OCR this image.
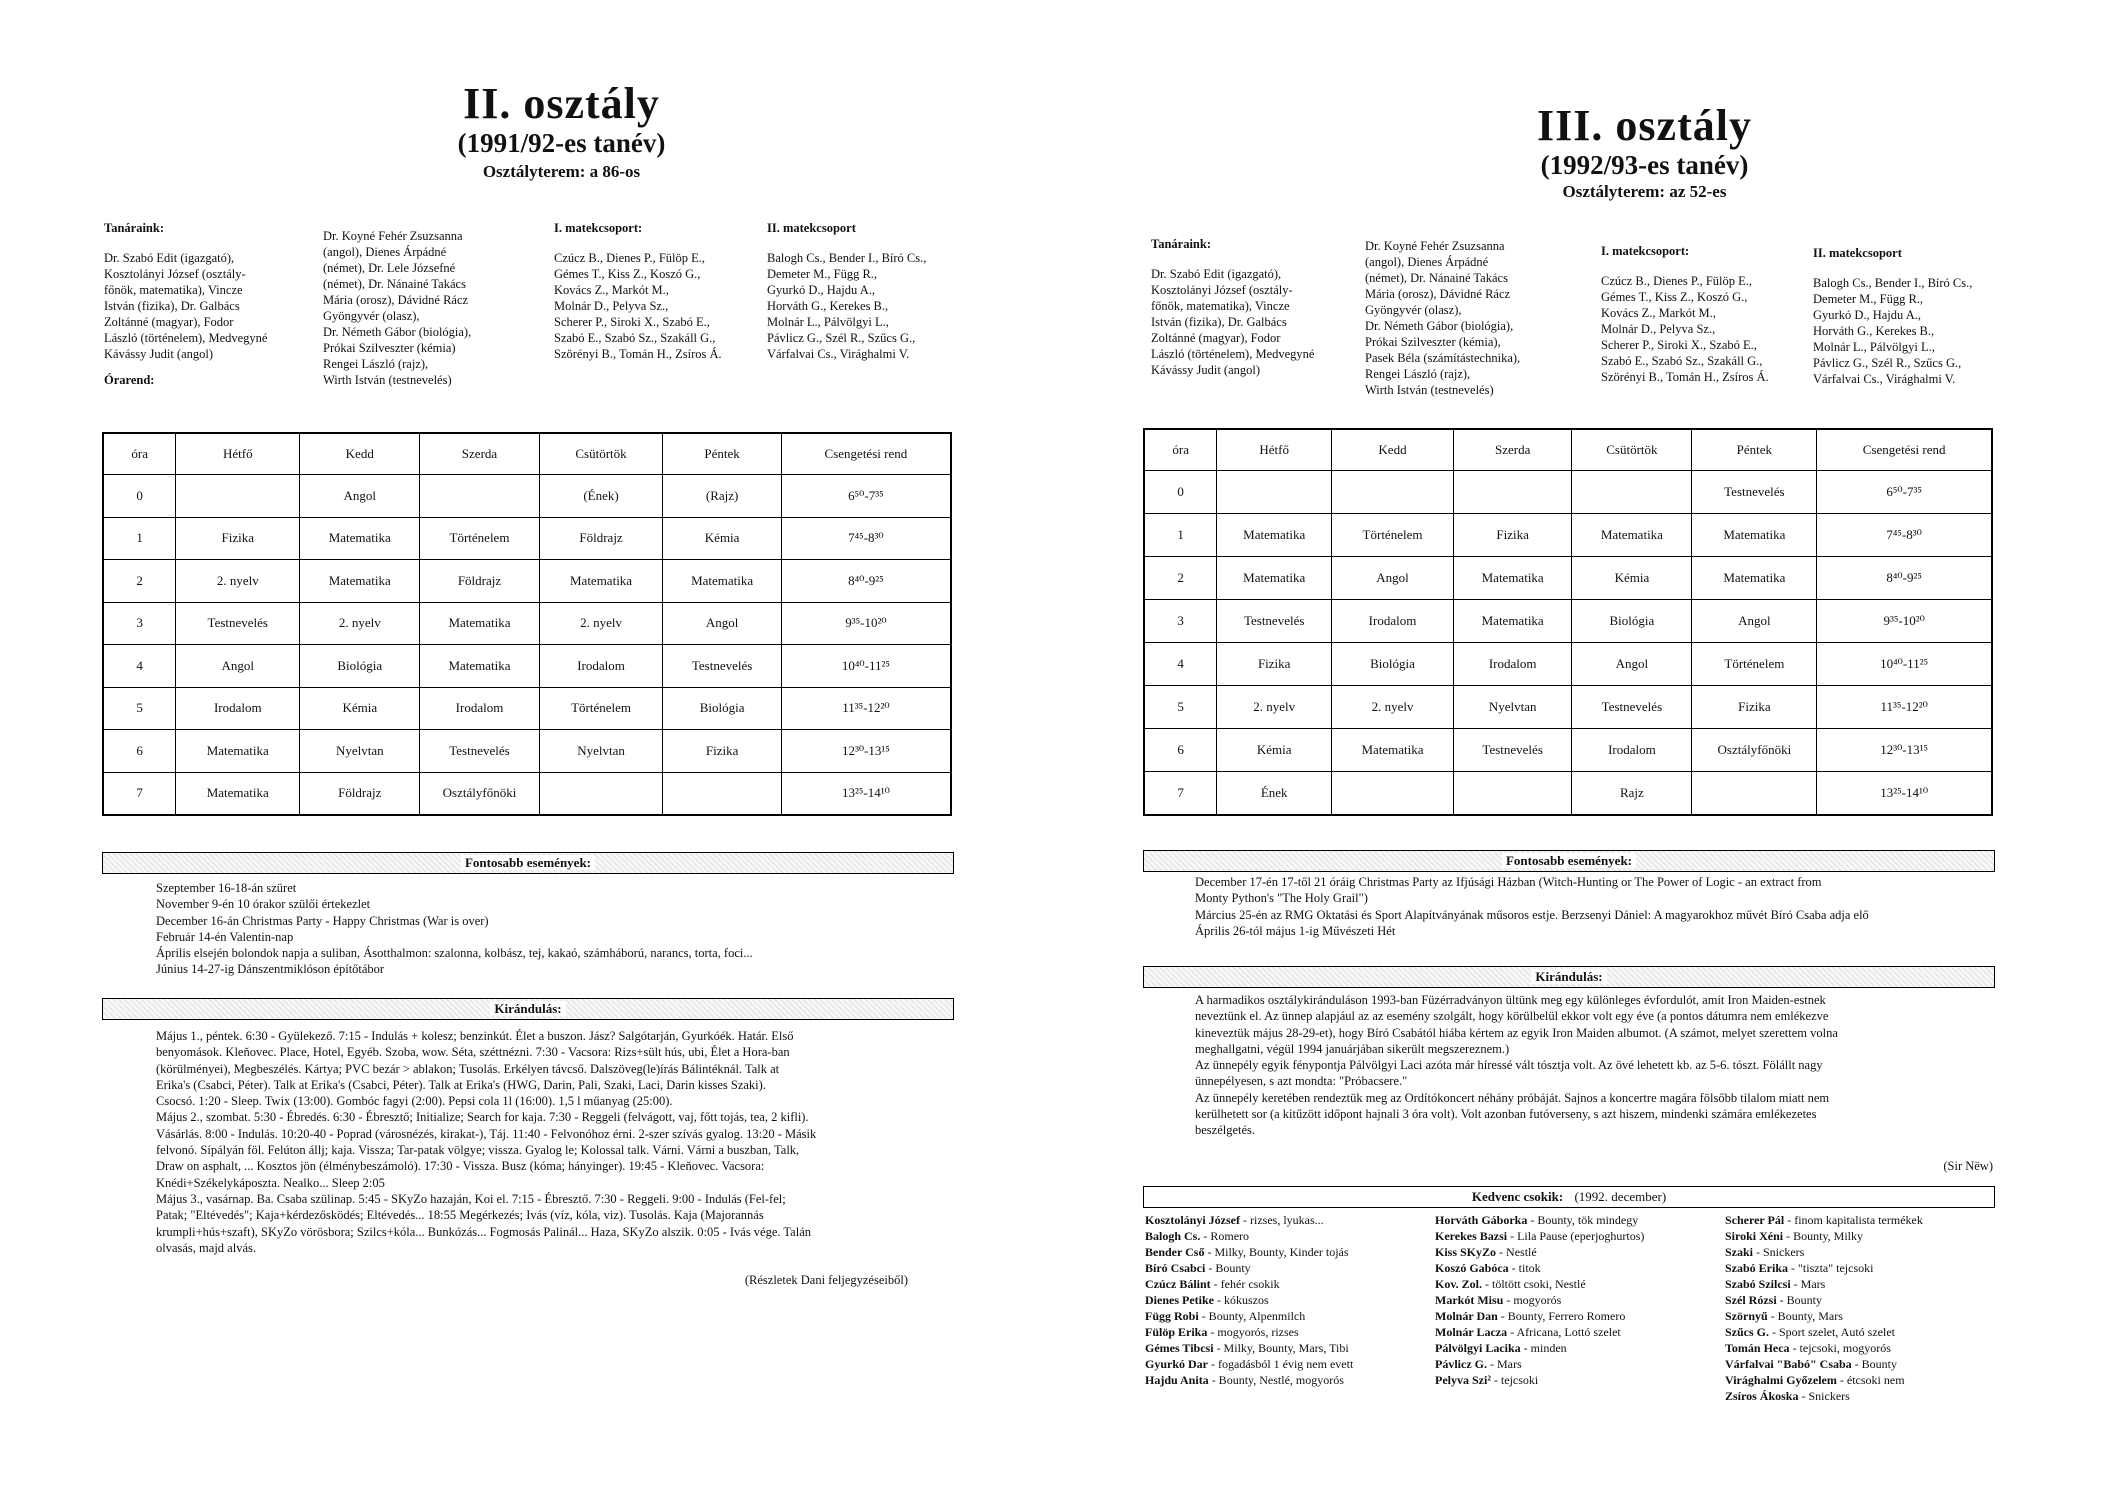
II. osztály
(1991/92-es tanév)
Osztályterem: a 86-os
Tanáraink:
Dr. Szabó Edit (igazgató),
Kosztolányi József (osztály-
főnök, matematika), Vincze
István (fizika), Dr. Galbács
Zoltánné (magyar), Fodor
László (történelem), Medvegyné
Kávássy Judit (angol)
Órarend:
Dr. Koyné Fehér Zsuzsanna
(angol), Dienes Árpádné
(német), Dr. Lele Józsefné
(német), Dr. Nánainé Takács
Mária (orosz), Dávidné Rácz
Gyöngyvér (olasz),
Dr. Németh Gábor (biológia),
Prókai Szilveszter (kémia)
Rengei László (rajz),
Wirth István (testnevelés)
I. matekcsoport:
Czúcz B., Dienes P., Fülöp E.,
Gémes T., Kiss Z., Koszó G.,
Kovács Z., Markót M.,
Molnár D., Pelyva Sz.,
Scherer P., Siroki X., Szabó E.,
Szabó E., Szabó Sz., Szakáll G.,
Szörényi B., Tomán H., Zsíros Á.
II. matekcsoport
Balogh Cs., Bender I., Bíró Cs.,
Demeter M., Függ R.,
Gyurkó D., Hajdu A.,
Horváth G., Kerekes B.,
Molnár L., Pálvölgyi L.,
Pávlicz G., Szél R., Szűcs G.,
Várfalvai Cs., Virághalmi V.
óra	Hétfő	Kedd	Szerda	Csütörtök	Péntek	Csengetési rend
0		Angol		(Ének)	(Rajz)	6⁵⁰-7³⁵
1	Fizika	Matematika	Történelem	Földrajz	Kémia	7⁴⁵-8³⁰
2	2. nyelv	Matematika	Földrajz	Matematika	Matematika	8⁴⁰-9²⁵
3	Testnevelés	2. nyelv	Matematika	2. nyelv	Angol	9³⁵-10²⁰
4	Angol	Biológia	Matematika	Irodalom	Testnevelés	10⁴⁰-11²⁵
5	Irodalom	Kémia	Irodalom	Történelem	Biológia	11³⁵-12²⁰
6	Matematika	Nyelvtan	Testnevelés	Nyelvtan	Fizika	12³⁰-13¹⁵
7	Matematika	Földrajz	Osztályfőnöki			13²⁵-14¹⁰
Fontosabb események:
Szeptember 16-18-án szüret
November 9-én 10 órakor szülői értekezlet
December 16-án Christmas Party - Happy Christmas (War is over)
Február 14-én Valentin-nap
Április elsején bolondok napja a suliban, Ásotthalmon: szalonna, kolbász, tej, kakaó, számháború, narancs, torta, foci...
Június 14-27-ig Dánszentmiklóson építőtábor
Kirándulás:
Május 1., péntek. 6:30 - Gyülekező. 7:15 - Indulás + kolesz; benzinkút. Élet a buszon. Jász? Salgótarján, Gyurkóék. Határ. Első
benyomások. Kleňovec. Place, Hotel, Egyéb. Szoba, wow. Séta, széttnézni. 7:30 - Vacsora: Rizs+sült hús, ubi, Élet a Hora-ban
(körülményei), Megbeszélés. Kártya; PVC bezár > ablakon; Tusolás. Erkélyen távcső. Dalszöveg(le)írás Bálintéknál. Talk at
Erika's (Csabci, Péter). Talk at Erika's (Csabci, Péter). Talk at Erika's (HWG, Darin, Pali, Szaki, Laci, Darin kisses Szaki).
Csocsó. 1:20 - Sleep. Twix (13:00). Gombóc fagyi (2:00). Pepsi cola 1l (16:00). 1,5 l műanyag (25:00).
Május 2., szombat. 5:30 - Ébredés. 6:30 - Ébresztő; Initialize; Search for kaja. 7:30 - Reggeli (felvágott, vaj, főtt tojás, tea, 2 kifli).
Vásárlás. 8:00 - Indulás. 10:20-40 - Poprad (városnézés, kirakat-), Táj. 11:40 - Felvonóhoz érni. 2-szer szívás gyalog. 13:20 - Másik
felvonó. Sípályán föl. Felúton állj; kaja. Vissza; Tar-patak völgye; vissza. Gyalog le; Kolossal talk. Várni. Várni a buszban, Talk,
Draw on asphalt, ... Kosztos jön (élménybeszámoló). 17:30 - Vissza. Busz (kóma; hányinger). 19:45 - Kleňovec. Vacsora:
Knédi+Székelykáposzta. Nealko... Sleep 2:05
Május 3., vasárnap. Ba. Csaba szülinap. 5:45 - SKyZo hazaján, Koi el. 7:15 - Ébresztő. 7:30 - Reggeli. 9:00 - Indulás (Fel-fel;
Patak; "Eltévedés"; Kaja+kérdezősködés; Eltévedés... 18:55 Megérkezés; Ivás (víz, kóla, viz). Tusolás. Kaja (Majorannás
krumpli+hús+szaft), SKyZo vörösbora; Szilcs+kóla... Bunkózás... Fogmosás Palinál... Haza, SKyZo alszik. 0:05 - Ivás vége. Talán
olvasás, majd alvás.
(Részletek Dani feljegyzéseiből)
III. osztály
(1992/93-es tanév)
Osztályterem: az 52-es
Tanáraink:
Dr. Szabó Edit (igazgató),
Kosztolányi József (osztály-
főnök, matematika), Vincze
István (fizika), Dr. Galbács
Zoltánné (magyar), Fodor
László (történelem), Medvegyné
Kávássy Judit (angol)
Dr. Koyné Fehér Zsuzsanna
(angol), Dienes Árpádné
(német), Dr. Nánainé Takács
Mária (orosz), Dávidné Rácz
Gyöngyvér (olasz),
Dr. Németh Gábor (biológia),
Prókai Szilveszter (kémia),
Pasek Béla (számítástechnika),
Rengei László (rajz),
Wirth István (testnevelés)
I. matekcsoport:
Czúcz B., Dienes P., Fülöp E.,
Gémes T., Kiss Z., Koszó G.,
Kovács Z., Markót M.,
Molnár D., Pelyva Sz.,
Scherer P., Siroki X., Szabó E.,
Szabó E., Szabó Sz., Szakáll G.,
Szörényi B., Tomán H., Zsíros Á.
II. matekcsoport
Balogh Cs., Bender I., Bíró Cs.,
Demeter M., Függ R.,
Gyurkó D., Hajdu A.,
Horváth G., Kerekes B.,
Molnár L., Pálvölgyi L.,
Pávlicz G., Szél R., Szűcs G.,
Várfalvai Cs., Virághalmi V.
óra	Hétfő	Kedd	Szerda	Csütörtök	Péntek	Csengetési rend
0					Testnevelés	6⁵⁰-7³⁵
1	Matematika	Történelem	Fizika	Matematika	Matematika	7⁴⁵-8³⁰
2	Matematika	Angol	Matematika	Kémia	Matematika	8⁴⁰-9²⁵
3	Testnevelés	Irodalom	Matematika	Biológia	Angol	9³⁵-10²⁰
4	Fizika	Biológia	Irodalom	Angol	Történelem	10⁴⁰-11²⁵
5	2. nyelv	2. nyelv	Nyelvtan	Testnevelés	Fizika	11³⁵-12²⁰
6	Kémia	Matematika	Testnevelés	Irodalom	Osztályfőnöki	12³⁰-13¹⁵
7	Ének			Rajz		13²⁵-14¹⁰
Fontosabb események:
December 17-én 17-től 21 óráig Christmas Party az Ifjúsági Házban (Witch-Hunting or The Power of Logic - an extract from
Monty Python's "The Holy Grail")
Március 25-én az RMG Oktatási és Sport Alapítványának műsoros estje. Berzsenyi Dániel: A magyarokhoz művét Bíró Csaba adja elő
Április 26-tól május 1-ig Művészeti Hét
Kirándulás:
A harmadikos osztálykiránduláson 1993-ban Füzérradványon ültünk meg egy különleges évfordulót, amit Iron Maiden-estnek
neveztünk el. Az ünnep alapjául az az esemény szolgált, hogy körülbelül ekkor volt egy éve (a pontos dátumra nem emlékezve
kineveztük május 28-29-et), hogy Bíró Csabától hiába kértem az egyik Iron Maiden albumot. (A számot, melyet szerettem volna
meghallgatni, végül 1994 januárjában sikerült megszereznem.)
Az ünnepély egyik fénypontja Pálvölgyi Laci azóta már híressé vált tósztja volt. Az övé lehetett kb. az 5-6. tószt. Fölállt nagy
ünnepélyesen, s azt mondta: "Próbacsere."
Az ünnepély keretében rendeztük meg az Ordítókoncert néhány próbáját. Sajnos a koncertre magára fölsőbb tilalom miatt nem
kerülhetett sor (a kitűzött időpont hajnali 3 óra volt). Volt azonban futóverseny, s azt hiszem, mindenki számára emlékezetes
beszélgetés.
(Sir Nëw)
Kedvenc csokik: (1992. december)
Kosztolányi József - rizses, lyukas...
Balogh Cs. - Romero
Bender Cső - Milky, Bounty, Kinder tojás
Bíró Csabci - Bounty
Czúcz Bálint - fehér csokik
Dienes Petike - kókuszos
Függ Robi - Bounty, Alpenmilch
Fülöp Erika - mogyorós, rizses
Gémes Tibcsi - Milky, Bounty, Mars, Tibi
Gyurkó Dar - fogadásból 1 évig nem evett
Hajdu Anita - Bounty, Nestlé, mogyorós
Horváth Gáborka - Bounty, tök mindegy
Kerekes Bazsi - Lila Pause (eperjoghurtos)
Kiss SKyZo - Nestlé
Koszó Gabóca - titok
Kov. Zol. - töltött csoki, Nestlé
Markót Misu - mogyorós
Molnár Dan - Bounty, Ferrero Romero
Molnár Lacza - Africana, Lottó szelet
Pálvölgyi Lacika - minden
Pávlicz G. - Mars
Pelyva Szi² - tejcsoki
Scherer Pál - finom kapitalista termékek
Siroki Xéni - Bounty, Milky
Szaki - Snickers
Szabó Erika - "tiszta" tejcsoki
Szabó Szilcsi - Mars
Szél Rózsi - Bounty
Szörnyű - Bounty, Mars
Szűcs G. - Sport szelet, Autó szelet
Tomán Heca - tejcsoki, mogyorós
Várfalvai "Babó" Csaba - Bounty
Virághalmi Győzelem - étcsoki nem
Zsíros Ákoska - Snickers
